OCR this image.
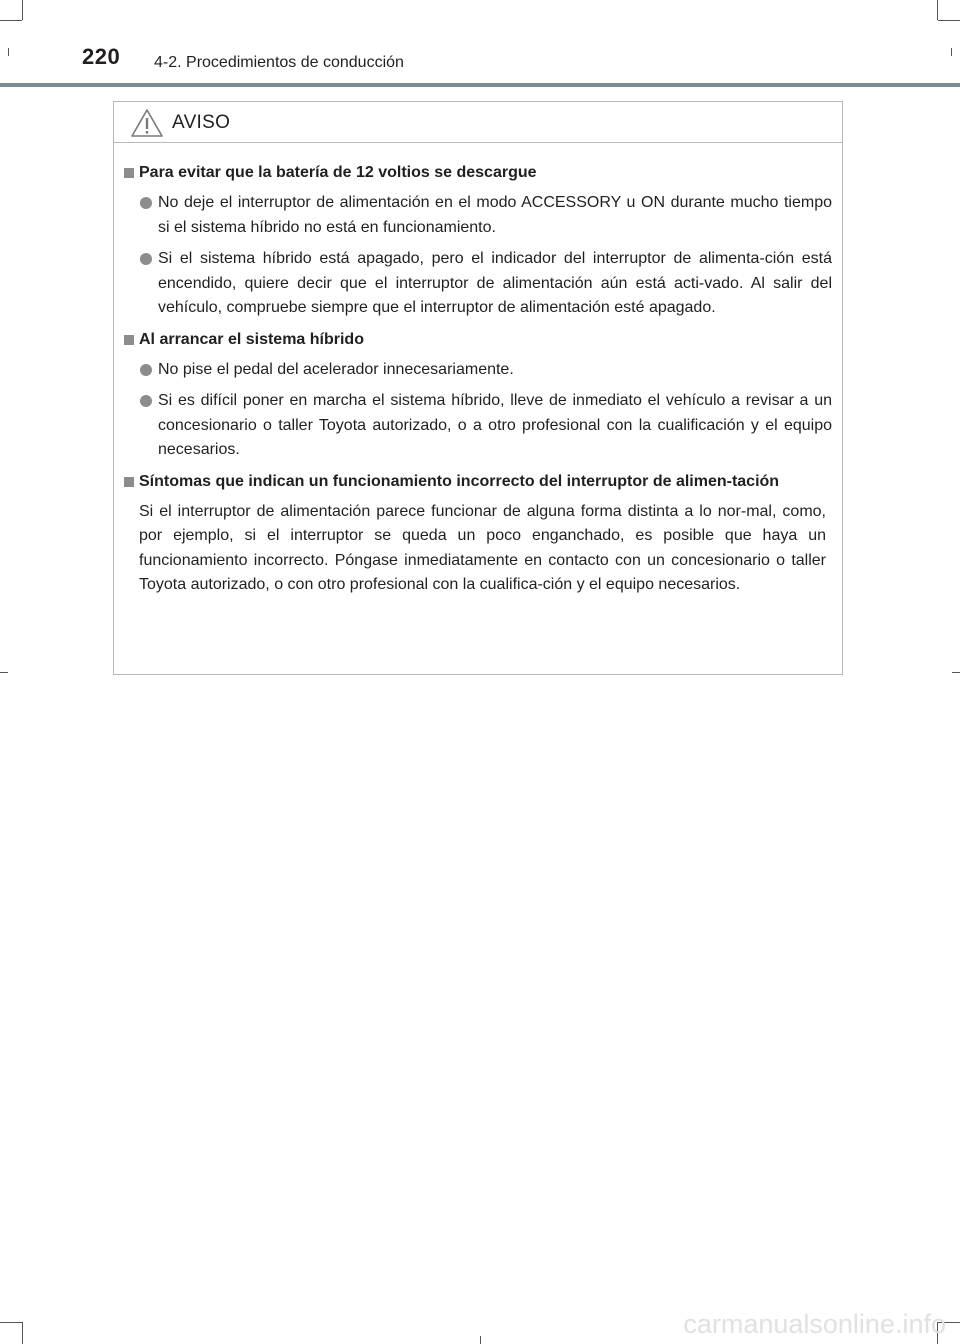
220 4-2. Procedimientos de conducción
AVISO
Para evitar que la batería de 12 voltios se descargue
No deje el interruptor de alimentación en el modo ACCESSORY u ON durante mucho tiempo si el sistema híbrido no está en funcionamiento.
Si el sistema híbrido está apagado, pero el indicador del interruptor de alimenta-ción está encendido, quiere decir que el interruptor de alimentación aún está acti-vado. Al salir del vehículo, compruebe siempre que el interruptor de alimentación esté apagado.
Al arrancar el sistema híbrido
No pise el pedal del acelerador innecesariamente.
Si es difícil poner en marcha el sistema híbrido, lleve de inmediato el vehículo a revisar a un concesionario o taller Toyota autorizado, o a otro profesional con la cualificación y el equipo necesarios.
Síntomas que indican un funcionamiento incorrecto del interruptor de alimen-tación
Si el interruptor de alimentación parece funcionar de alguna forma distinta a lo nor-mal, como, por ejemplo, si el interruptor se queda un poco enganchado, es posible que haya un funcionamiento incorrecto. Póngase inmediatamente en contacto con un concesionario o taller Toyota autorizado, o con otro profesional con la cualifica-ción y el equipo necesarios.
carmanualsonline.info
